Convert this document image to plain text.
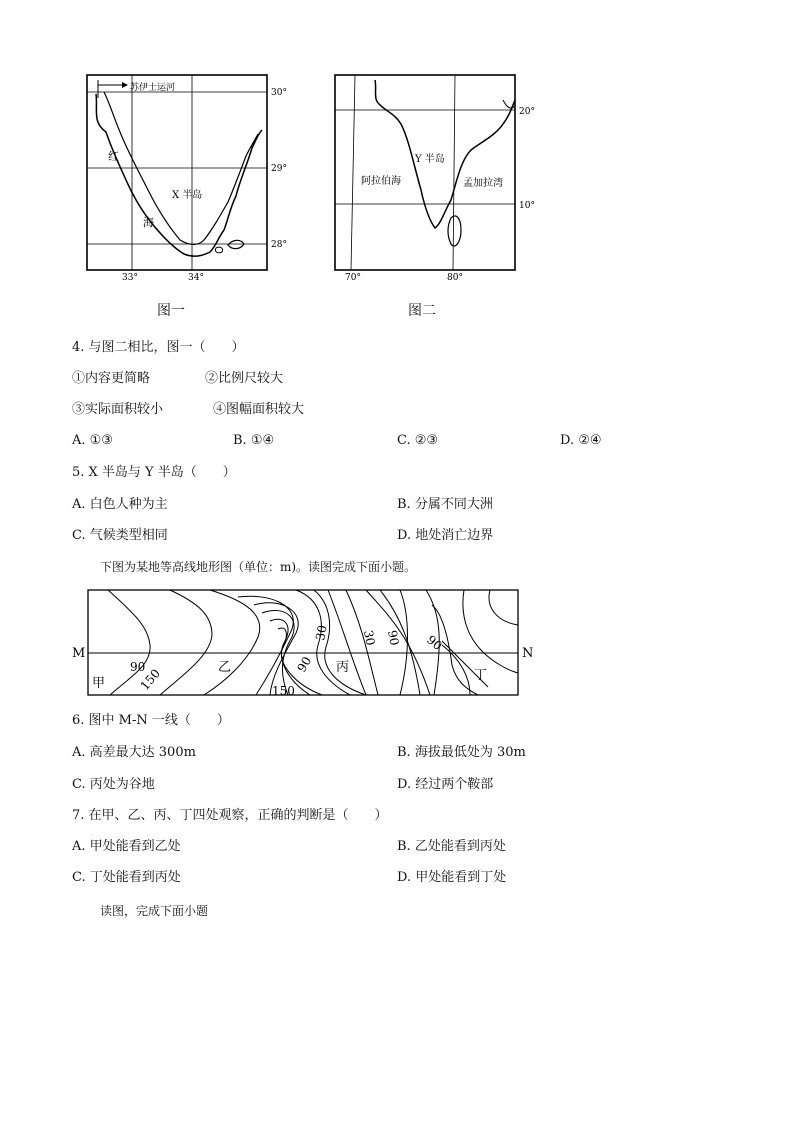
苏伊士运河	30°
29°
28°
33°	34°
红
海
X 半岛
图一
20°
10°
70°	80°
Y 半岛
阿拉伯海	孟加拉湾
图二
4. 与图二相比，图一（　　）
①内容更简略	②比例尺较大
③实际面积较小	④图幅面积较大
A. ①③	B. ①④	C. ②③	D. ②④
5. X 半岛与 Y 半岛（　　）
A. 白色人种为主	B. 分属不同大洲
C. 气候类型相同	D. 地处消亡边界
下图为某地等高线地形图（单位：m)。读图完成下面小题。
M	N
甲
乙	丙
丁
90
150	150
90
30	30 90 90
6. 图中 M-N 一线（　　）
A. 高差最大达 300m	B. 海拔最低处为 30m
C. 丙处为谷地	D. 经过两个鞍部
7. 在甲、乙、丙、丁四处观察，正确的判断是（　　）
A. 甲处能看到乙处	B. 乙处能看到丙处
C. 丁处能看到丙处	D. 甲处能看到丁处
读图，完成下面小题
